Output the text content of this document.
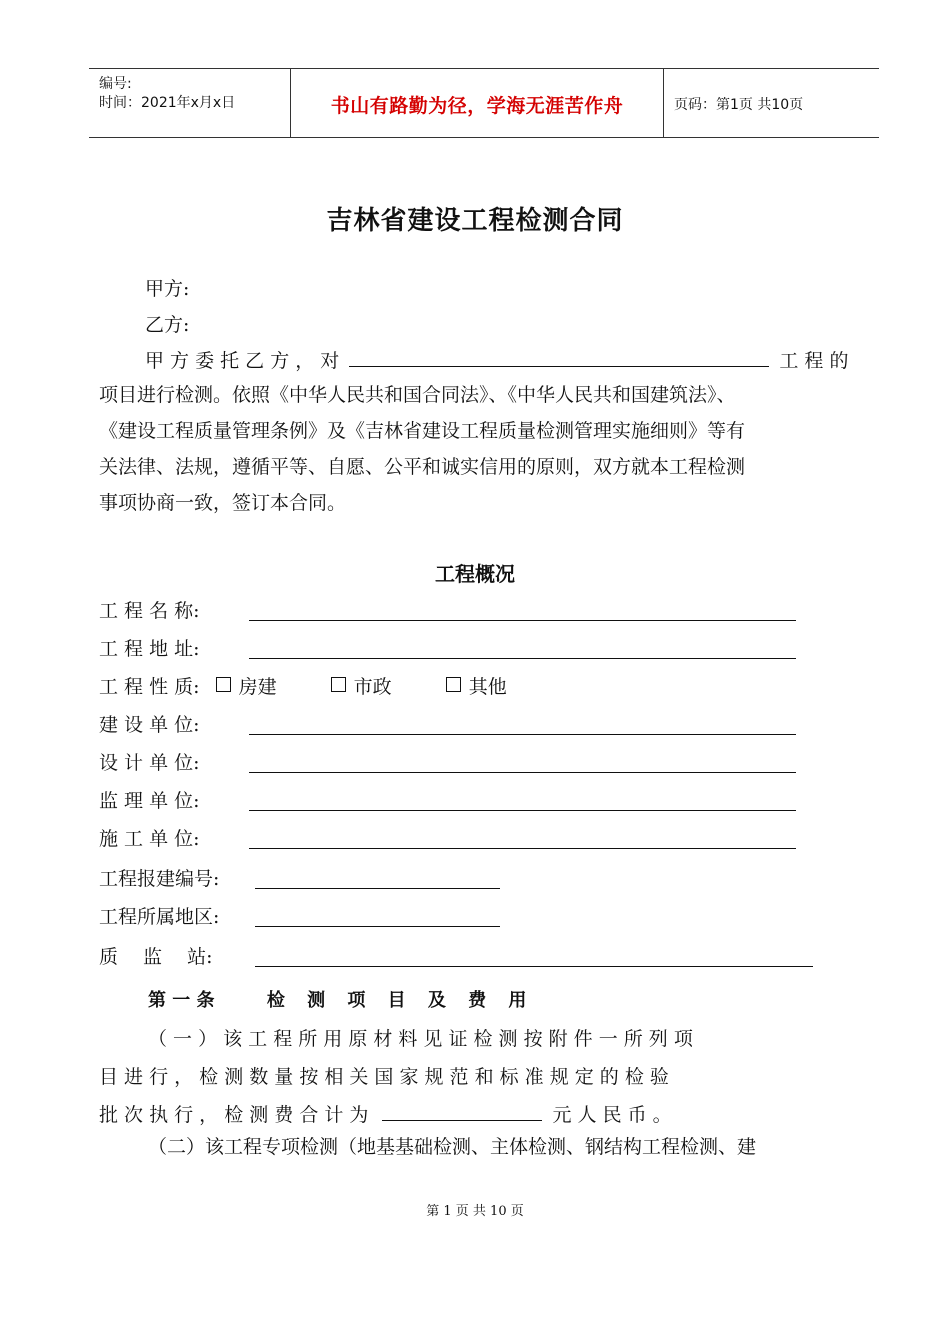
编号:
时间：2021年x月x日	书山有路勤为径，学海无涯苦作舟	页码：第1页 共10页
吉林省建设工程检测合同
甲方:
乙方:
甲 方 委 托 乙 方 ， 对	工 程 的
项目进行检测。依照《中华人民共和国合同法》、《中华人民共和国建筑法》、
《建设工程质量管理条例》及《吉林省建设工程质量检测管理实施细则》等有
关法律、法规，遵循平等、自愿、公平和诚实信用的原则，双方就本工程检测
事项协商一致，签订本合同。
工程概况
工 程 名 称:
工 程 地 址:
工 程 性 质: 房建	市政	其他
建 设 单 位:
设 计 单 位:
监 理 单 位:
施 工 单 位:
工程报建编号:
工程所属地区:
质　 监　 站:
第 一 条	检 测 项 目 及 费 用
（ 一 ） 该 工 程 所 用 原 材 料 见 证 检 测 按 附 件 一 所 列 项
目 进 行 ， 检 测 数 量 按 相 关 国 家 规 范 和 标 准 规 定 的 检 验
批 次 执 行 ， 检 测 费 合 计 为	元 人 民 币 。
（二）该工程专项检测（地基基础检测、主体检测、钢结构工程检测、建
第 1 页 共 10 页
